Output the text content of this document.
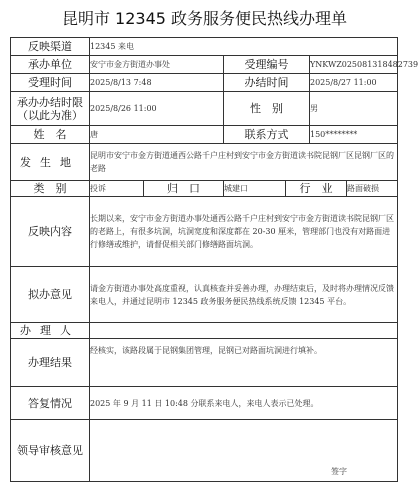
昆明市 12345 政务服务便民热线办理单
反映渠道	12345 来电					
承办单位	安宁市金方街道办事处		受理编号		YNKWZ025081318482739	
受理时间	2025/8/13 7:48		办结时间		2025/8/27 11:00	
承办办结时限（以此为准）	2025/8/26 11:00		性　别		男	
姓　名	唐		联系方式		150********	
发生地	昆明市安宁市金方街道通西公路千户庄村到安宁市金方街道读书院昆钢厂区昆钢厂区的老路					
类　别	投诉	归　口	城建口	行　业		路面破损
反映内容	长期以来，安宁市金方街道办事处通西公路千户庄村到安宁市金方街道读书院昆钢厂区的老路上，有很多坑洞，坑洞宽度和深度都在 20-30 厘米，管理部门也没有对路面进行修缮或维护，请督促相关部门修缮路面坑洞。					
拟办意见	请金方街道办事处高度重视，认真核查并妥善办理，办理结束后，及时将办理情况反馈来电人，并通过昆明市 12345 政务服务便民热线系统反馈 12345 平台。					
办理人						
办理结果	经核实，该路段属于昆钢集团管理，昆钢已对路面坑洞进行填补。					
答复情况	2025 年 9 月 11 日 10:48 分联系来电人，来电人表示已处理。					
领导审核意见	签字					
